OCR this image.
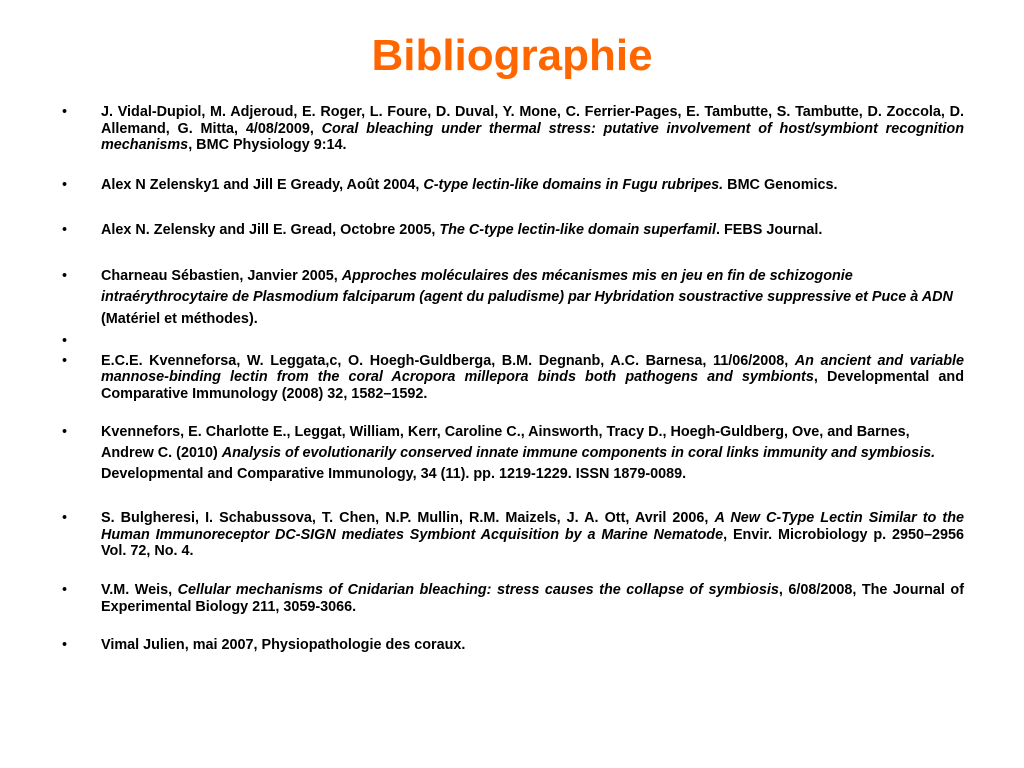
Bibliographie
• J. Vidal-Dupiol, M. Adjeroud, E. Roger, L. Foure, D. Duval, Y. Mone, C. Ferrier-Pages, E. Tambutte, S. Tambutte, D. Zoccola, D. Allemand, G. Mitta, 4/08/2009, Coral bleaching under thermal stress: putative involvement of host/symbiont recognition mechanisms, BMC Physiology 9:14.
• Alex N Zelensky1 and Jill E Gready, Août 2004, C-type lectin-like domains in Fugu rubripes. BMC Genomics.
• Alex N. Zelensky and Jill E. Gread, Octobre 2005, The C-type lectin-like domain superfamil. FEBS Journal.
• Charneau Sébastien, Janvier 2005, Approches moléculaires des mécanismes mis en jeu en fin de schizogonie intraérythrocytaire de Plasmodium falciparum (agent du paludisme) par Hybridation soustractive suppressive et Puce à ADN (Matériel et méthodes).
•
• E.C.E. Kvenneforsa, W. Leggata,c, O. Hoegh-Guldberga, B.M. Degnanb, A.C. Barnesa, 11/06/2008, An ancient and variable mannose-binding lectin from the coral Acropora millepora binds both pathogens and symbionts, Developmental and Comparative Immunology (2008) 32, 1582–1592.
• Kvennefors, E. Charlotte E., Leggat, William, Kerr, Caroline C., Ainsworth, Tracy D., Hoegh-Guldberg, Ove, and Barnes, Andrew C. (2010) Analysis of evolutionarily conserved innate immune components in coral links immunity and symbiosis. Developmental and Comparative Immunology, 34 (11). pp. 1219-1229. ISSN 1879-0089.
• S. Bulgheresi, I. Schabussova, T. Chen, N.P. Mullin, R.M. Maizels, J. A. Ott, Avril 2006, A New C-Type Lectin Similar to the Human Immunoreceptor DC-SIGN mediates Symbiont Acquisition by a Marine Nematode, Envir. Microbiology p. 2950–2956 Vol. 72, No. 4.
• V.M. Weis, Cellular mechanisms of Cnidarian bleaching: stress causes the collapse of symbiosis, 6/08/2008, The Journal of Experimental Biology 211, 3059-3066.
• Vimal Julien, mai 2007, Physiopathologie des coraux.
